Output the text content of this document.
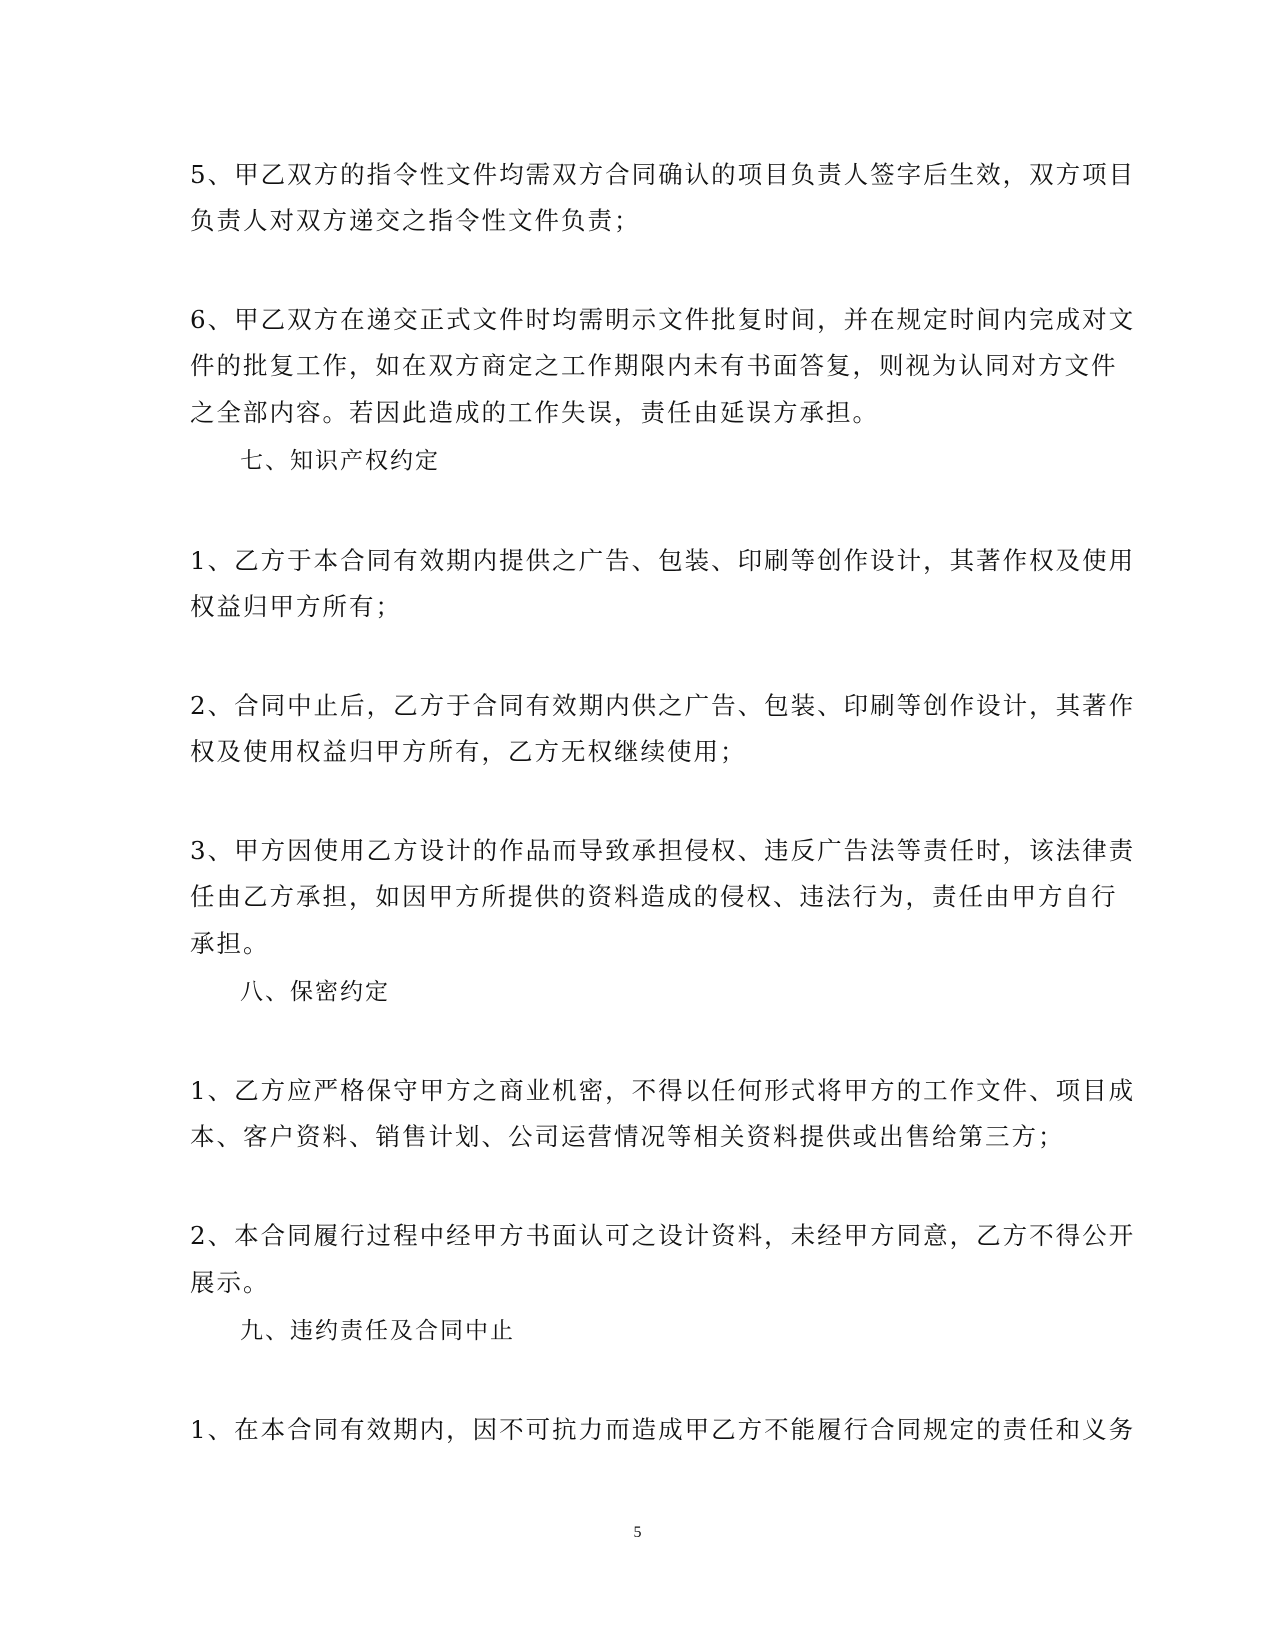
5、甲乙双方的指令性文件均需双方合同确认的项目负责人签字后生效，双方项目
负责人对双方递交之指令性文件负责；
6、甲乙双方在递交正式文件时均需明示文件批复时间，并在规定时间内完成对文
件的批复工作，如在双方商定之工作期限内未有书面答复，则视为认同对方文件
之全部内容。若因此造成的工作失误，责任由延误方承担。
七、知识产权约定
1、乙方于本合同有效期内提供之广告、包装、印刷等创作设计，其著作权及使用
权益归甲方所有；
2、合同中止后，乙方于合同有效期内供之广告、包装、印刷等创作设计，其著作
权及使用权益归甲方所有，乙方无权继续使用；
3、甲方因使用乙方设计的作品而导致承担侵权、违反广告法等责任时，该法律责
任由乙方承担，如因甲方所提供的资料造成的侵权、违法行为，责任由甲方自行
承担。
八、保密约定
1、乙方应严格保守甲方之商业机密，不得以任何形式将甲方的工作文件、项目成
本、客户资料、销售计划、公司运营情况等相关资料提供或出售给第三方；
2、本合同履行过程中经甲方书面认可之设计资料，未经甲方同意，乙方不得公开
展示。
九、违约责任及合同中止
1、在本合同有效期内，因不可抗力而造成甲乙方不能履行合同规定的责任和义务
5
